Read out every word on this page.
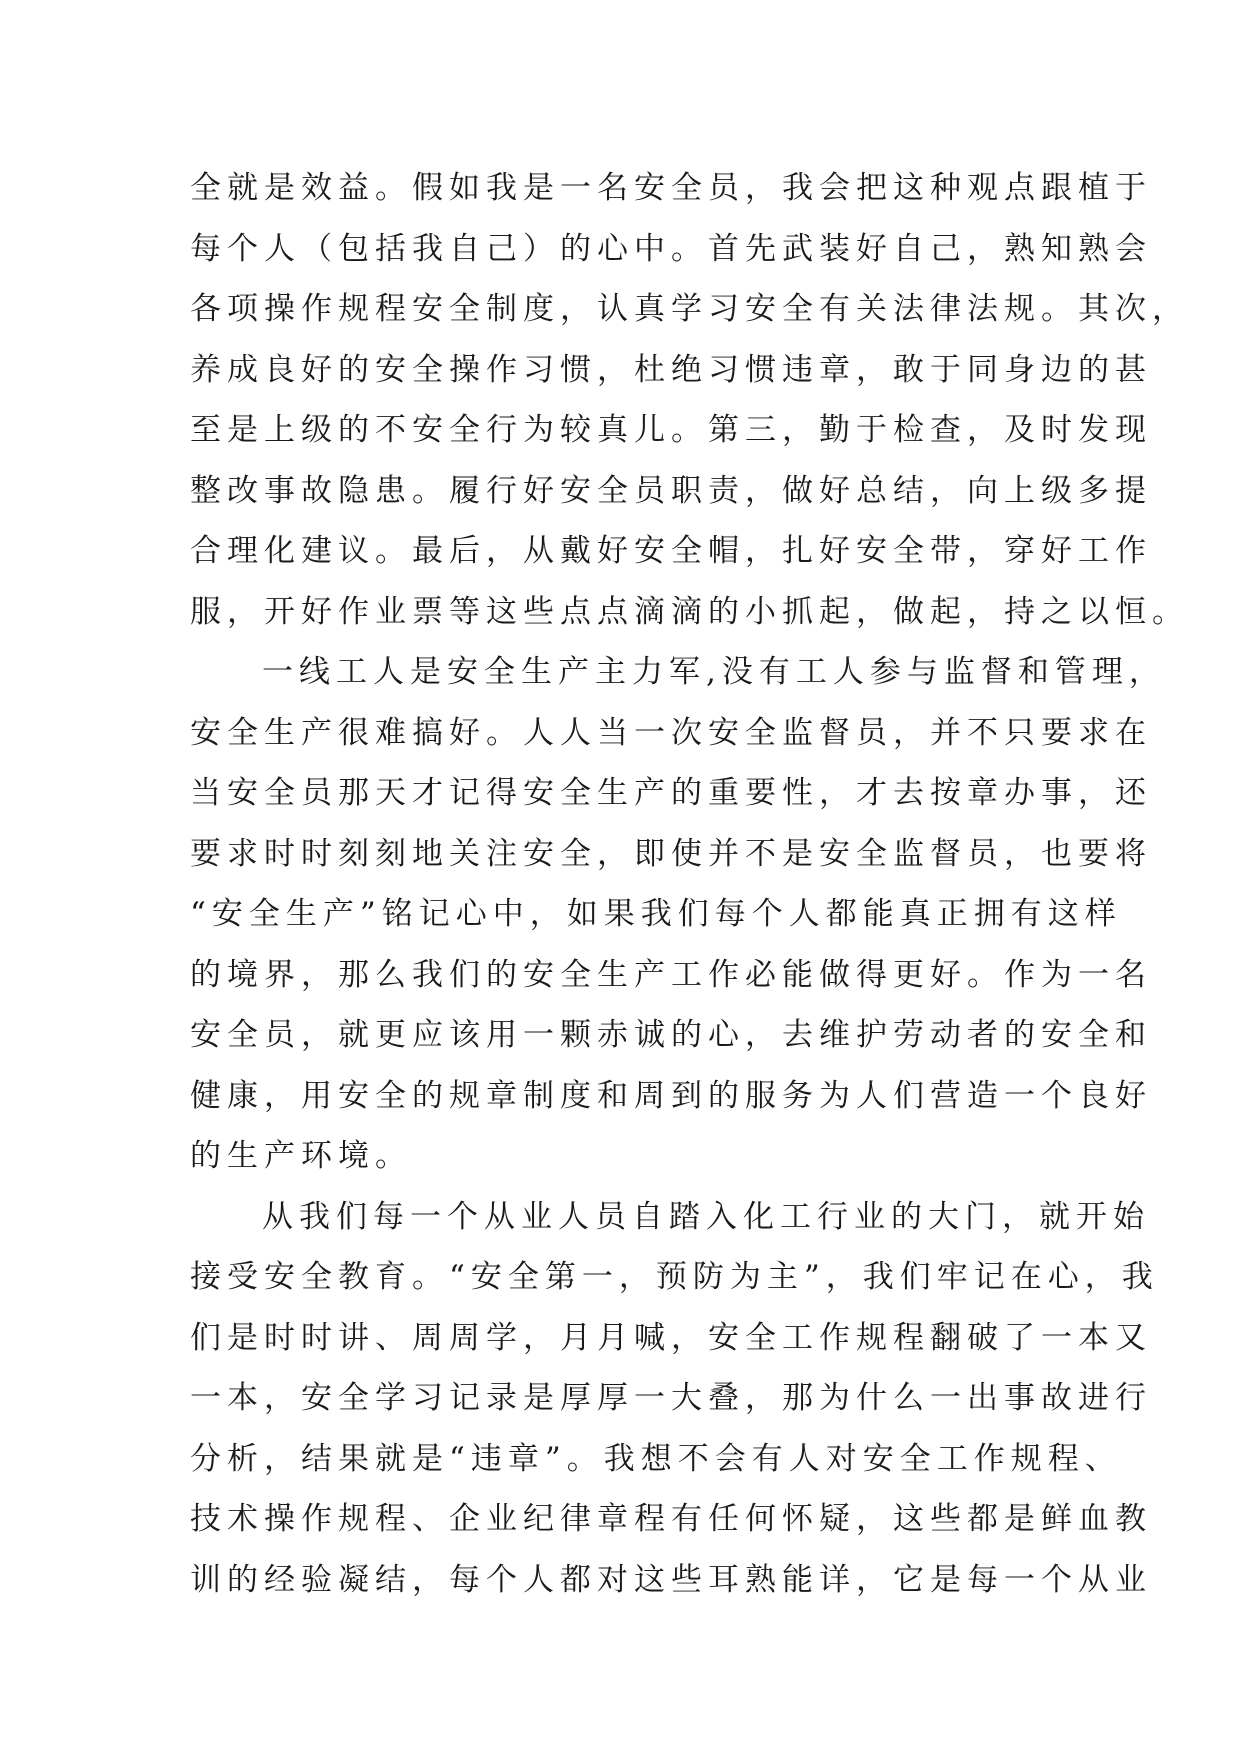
全就是效益。假如我是一名安全员，我会把这种观点跟植于
每个人（包括我自己）的心中。首先武装好自己，熟知熟会
各项操作规程安全制度，认真学习安全有关法律法规。其次，
养成良好的安全操作习惯，杜绝习惯违章，敢于同身边的甚
至是上级的不安全行为较真儿。第三，勤于检查，及时发现
整改事故隐患。履行好安全员职责，做好总结，向上级多提
合理化建议。最后，从戴好安全帽，扎好安全带，穿好工作
服，开好作业票等这些点点滴滴的小抓起，做起，持之以恒。
一线工人是安全生产主力军,没有工人参与监督和管理，
安全生产很难搞好。人人当一次安全监督员，并不只要求在
当安全员那天才记得安全生产的重要性，才去按章办事，还
要求时时刻刻地关注安全，即使并不是安全监督员，也要将
“安全生产”铭记心中，如果我们每个人都能真正拥有这样
的境界，那么我们的安全生产工作必能做得更好。作为一名
安全员，就更应该用一颗赤诚的心，去维护劳动者的安全和
健康，用安全的规章制度和周到的服务为人们营造一个良好
的生产环境。
从我们每一个从业人员自踏入化工行业的大门，就开始
接受安全教育。“安全第一，预防为主”，我们牢记在心，我
们是时时讲、周周学，月月喊，安全工作规程翻破了一本又
一本，安全学习记录是厚厚一大叠，那为什么一出事故进行
分析，结果就是“违章”。我想不会有人对安全工作规程、
技术操作规程、企业纪律章程有任何怀疑，这些都是鲜血教
训的经验凝结，每个人都对这些耳熟能详，它是每一个从业
